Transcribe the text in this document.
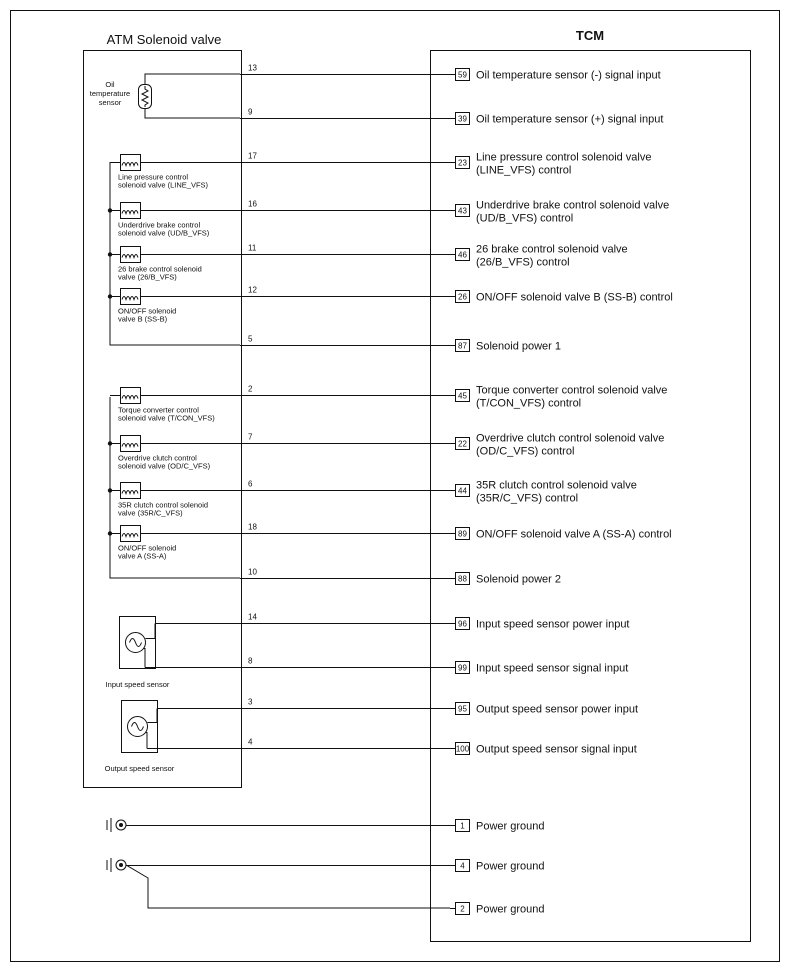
ATM Solenoid valve	TCM
Oil
temperature
sensor
13
9
17
16
11
12
5
2
7
6
18
10
14
8
3
4
59 Oil temperature sensor (-) signal input
39 Oil temperature sensor (+) signal input
23 Line pressure control solenoid valve
(LINE_VFS) control
43 Underdrive brake control solenoid valve
(UD/B_VFS) control
46 26 brake control solenoid valve
(26/B_VFS) control
26 ON/OFF solenoid valve B (SS-B) control
87 Solenoid power 1
45 Torque converter control solenoid valve
(T/CON_VFS) control
22 Overdrive clutch control solenoid valve
(OD/C_VFS) control
44 35R clutch control solenoid valve
(35R/C_VFS) control
89 ON/OFF solenoid valve A (SS-A) control
88 Solenoid power 2
96 Input speed sensor power input
99 Input speed sensor signal input
95 Output speed sensor power input
100 Output speed sensor signal input
1 Power ground
4 Power ground
2 Power ground
Line pressure control
solenoid valve (LINE_VFS)
Underdrive brake control
solenoid valve (UD/B_VFS)
26 brake control solenoid
valve (26/B_VFS)
ON/OFF solenoid
valve B (SS-B)
Torque converter control
solenoid valve (T/CON_VFS)
Overdrive clutch control
solenoid valve (OD/C_VFS)
35R clutch control solenoid
valve (35R/C_VFS)
ON/OFF solenoid
valve A (SS-A)
Input speed sensor
Output speed sensor
